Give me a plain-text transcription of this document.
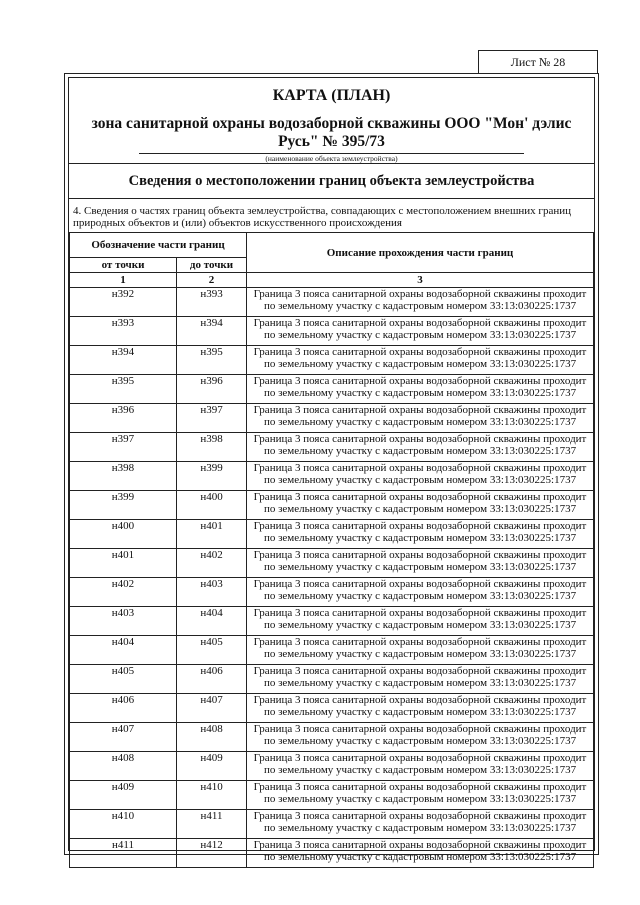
Лист № 28
КАРТА (ПЛАН)
зона санитарной охраны водозаборной скважины ООО "Мон' дэлис Русь" № 395/73
(наименование объекта землеустройства)
Сведения о местоположении границ объекта землеустройства
4. Сведения о частях границ объекта землеустройства, совпадающих с местоположением внешних границ природных объектов и (или) объектов искусственного происхождения
Обозначение части границ		Описание прохождения части границ
от точки	до точки	
1	2	3
н392	н393	Граница 3 пояса санитарной охраны водозаборной скважины проходит
по земельному участку с кадастровым номером 33:13:030225:1737

н393	н394	Граница 3 пояса санитарной охраны водозаборной скважины проходит
по земельному участку с кадастровым номером 33:13:030225:1737

н394	н395	Граница 3 пояса санитарной охраны водозаборной скважины проходит
по земельному участку с кадастровым номером 33:13:030225:1737

н395	н396	Граница 3 пояса санитарной охраны водозаборной скважины проходит
по земельному участку с кадастровым номером 33:13:030225:1737

н396	н397	Граница 3 пояса санитарной охраны водозаборной скважины проходит
по земельному участку с кадастровым номером 33:13:030225:1737

н397	н398	Граница 3 пояса санитарной охраны водозаборной скважины проходит
по земельному участку с кадастровым номером 33:13:030225:1737

н398	н399	Граница 3 пояса санитарной охраны водозаборной скважины проходит
по земельному участку с кадастровым номером 33:13:030225:1737

н399	н400	Граница 3 пояса санитарной охраны водозаборной скважины проходит
по земельному участку с кадастровым номером 33:13:030225:1737

н400	н401	Граница 3 пояса санитарной охраны водозаборной скважины проходит
по земельному участку с кадастровым номером 33:13:030225:1737

н401	н402	Граница 3 пояса санитарной охраны водозаборной скважины проходит
по земельному участку с кадастровым номером 33:13:030225:1737

н402	н403	Граница 3 пояса санитарной охраны водозаборной скважины проходит
по земельному участку с кадастровым номером 33:13:030225:1737

н403	н404	Граница 3 пояса санитарной охраны водозаборной скважины проходит
по земельному участку с кадастровым номером 33:13:030225:1737

н404	н405	Граница 3 пояса санитарной охраны водозаборной скважины проходит
по земельному участку с кадастровым номером 33:13:030225:1737

н405	н406	Граница 3 пояса санитарной охраны водозаборной скважины проходит
по земельному участку с кадастровым номером 33:13:030225:1737

н406	н407	Граница 3 пояса санитарной охраны водозаборной скважины проходит
по земельному участку с кадастровым номером 33:13:030225:1737

н407	н408	Граница 3 пояса санитарной охраны водозаборной скважины проходит
по земельному участку с кадастровым номером 33:13:030225:1737

н408	н409	Граница 3 пояса санитарной охраны водозаборной скважины проходит
по земельному участку с кадастровым номером 33:13:030225:1737

н409	н410	Граница 3 пояса санитарной охраны водозаборной скважины проходит
по земельному участку с кадастровым номером 33:13:030225:1737

н410	н411	Граница 3 пояса санитарной охраны водозаборной скважины проходит
по земельному участку с кадастровым номером 33:13:030225:1737

н411	н412	Граница 3 пояса санитарной охраны водозаборной скважины проходит
по земельному участку с кадастровым номером 33:13:030225:1737
